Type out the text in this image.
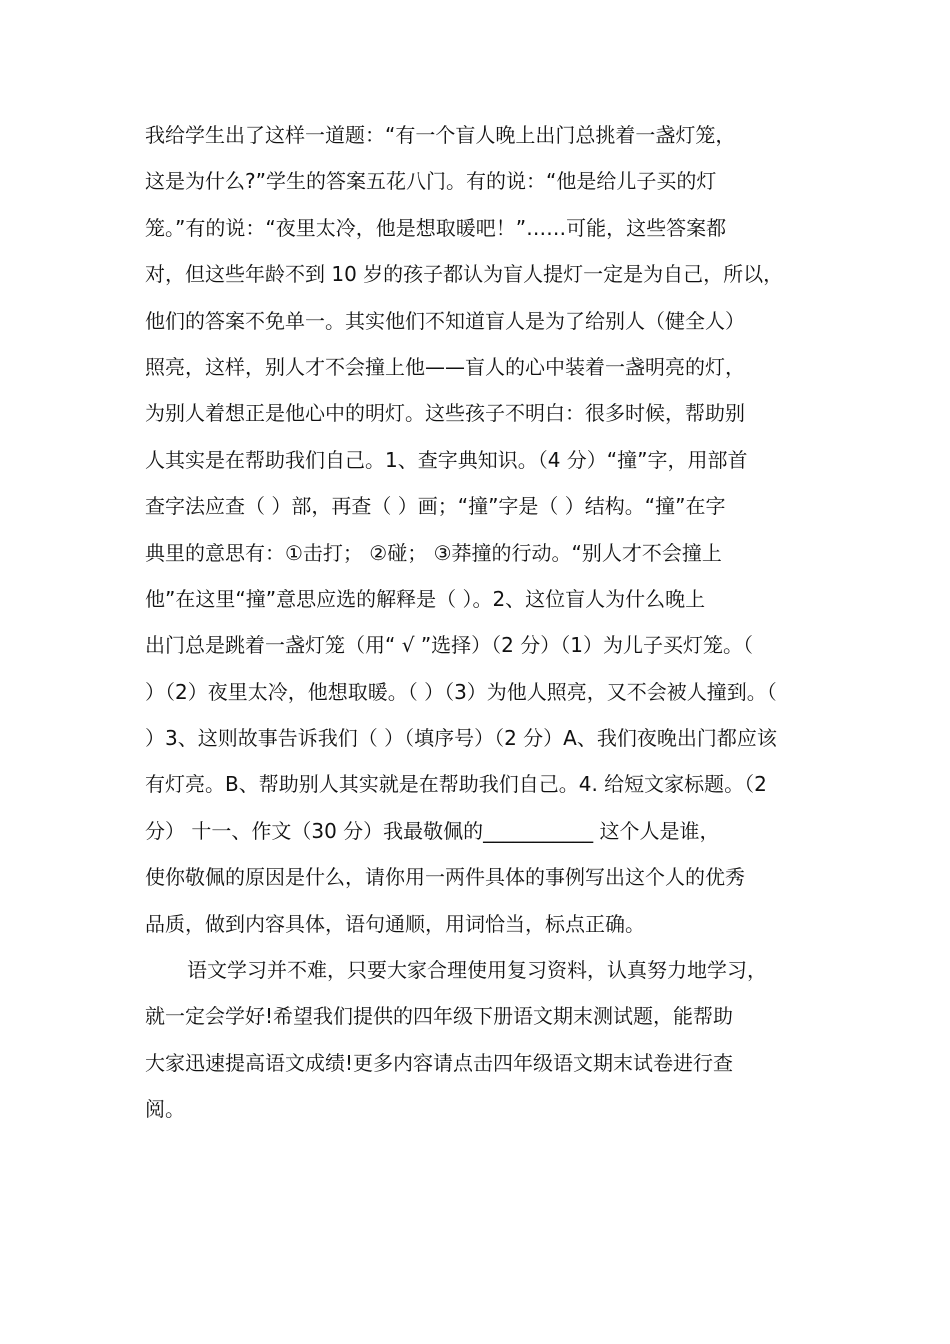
我给学生出了这样一道题：“有一个盲人晚上出门总挑着一盏灯笼，
这是为什么?”学生的答案五花八门。有的说：“他是给儿子买的灯
笼。”有的说：“夜里太冷，他是想取暖吧！”……可能，这些答案都
对，但这些年龄不到 10 岁的孩子都认为盲人提灯一定是为自己，所以，
他们的答案不免单一。其实他们不知道盲人是为了给别人（健全人）
照亮，这样，别人才不会撞上他——盲人的心中装着一盏明亮的灯，
为别人着想正是他心中的明灯。这些孩子不明白：很多时候，帮助别
人其实是在帮助我们自己。1、查字典知识。（4 分）“撞”字，用部首
查字法应查（ ）部，再查（ ）画；“撞”字是（ ）结构。“撞”在字
典里的意思有：①击打； ②碰； ③莽撞的行动。“别人才不会撞上
他”在这里“撞”意思应选的解释是（ ）。2、这位盲人为什么晚上
出门总是跳着一盏灯笼（用“ √ ”选择）（2 分）（1）为儿子买灯笼。（
）（2）夜里太冷，他想取暖。（ ）（3）为他人照亮，又不会被人撞到。（
）3、这则故事告诉我们（ ）（填序号）（2 分）A、我们夜晚出门都应该
有灯亮。B、帮助别人其实就是在帮助我们自己。4. 给短文家标题。（2
分） 十一、作文（30 分）我最敬佩的___________ 这个人是谁，
使你敬佩的原因是什么，请你用一两件具体的事例写出这个人的优秀
品质，做到内容具体，语句通顺，用词恰当，标点正确。
语文学习并不难，只要大家合理使用复习资料，认真努力地学习，
就一定会学好!希望我们提供的四年级下册语文期末测试题，能帮助
大家迅速提高语文成绩!更多内容请点击四年级语文期末试卷进行查
阅。
